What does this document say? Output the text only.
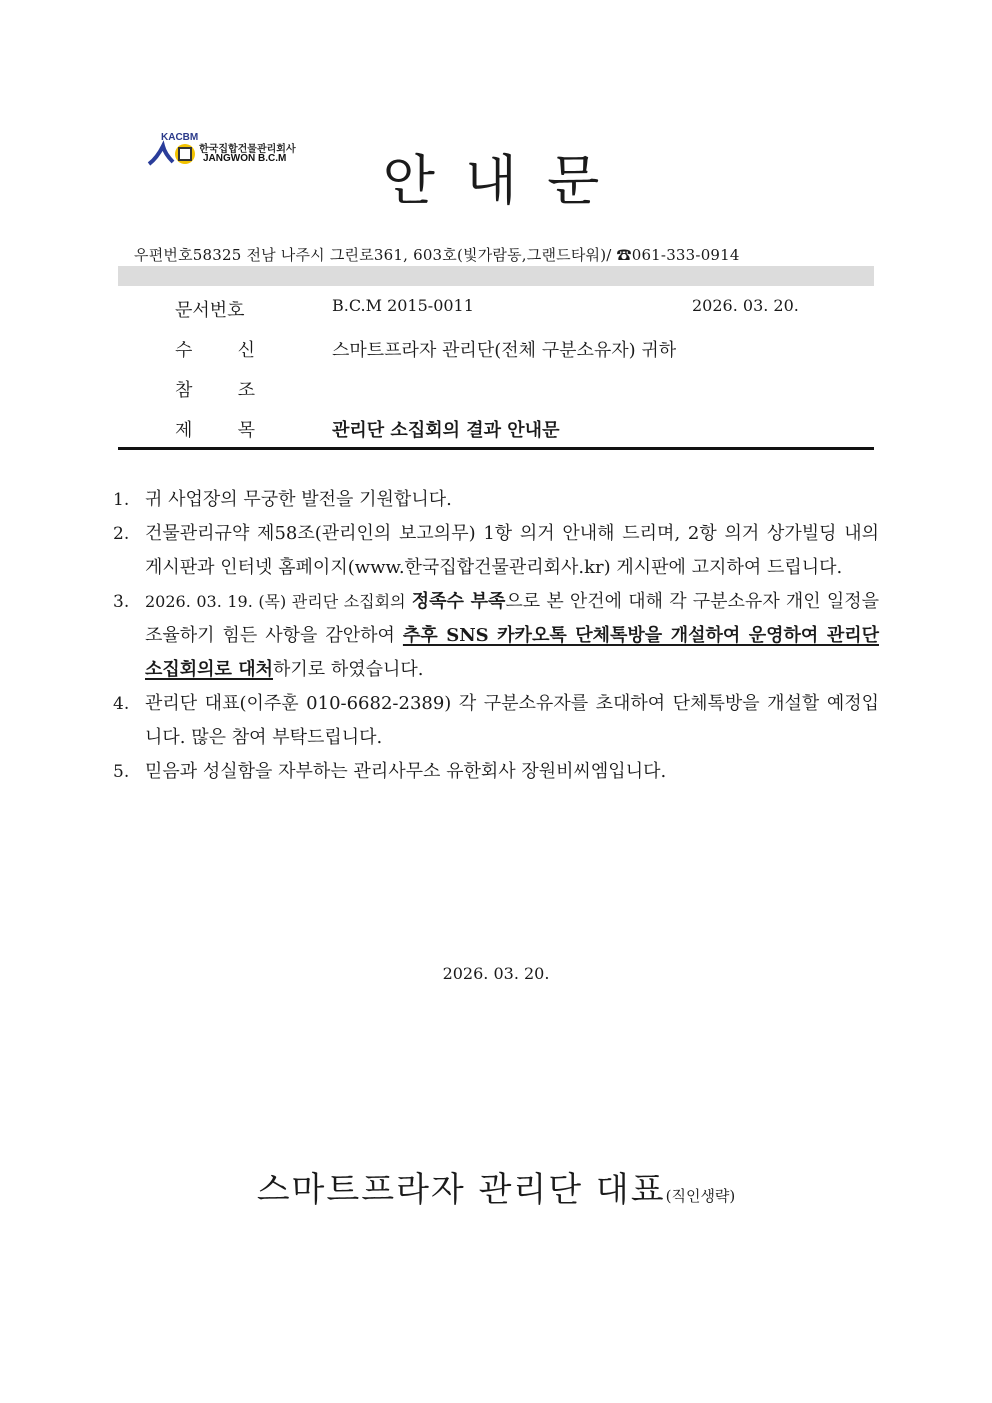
KACBM
한국집합건물관리회사
JANGWON B.C.M	안내문
우편번호58325 전남 나주시 그린로361, 603호(빛가람동,그랜드타워)/ ☎061-333-0914
문서번호	B.C.M 2015-0011	2026. 03. 20.
수 신	스마트프라자 관리단(전체 구분소유자) 귀하
참 조
제 목	관리단 소집회의 결과 안내문
1. 귀 사업장의 무궁한 발전을 기원합니다.
2. 건물관리규약 제58조(관리인의 보고의무) 1항 의거 안내해 드리며, 2항 의거 상가빌딩 내의 게시판과 인터넷 홈페이지(www.한국집합건물관리회사.kr) 게시판에 고지하여 드립니다.
3. 2026. 03. 19. (목) 관리단 소집회의 정족수 부족으로 본 안건에 대해 각 구분소유자 개인 일정을 조율하기 힘든 사항을 감안하여 추후 SNS 카카오톡 단체톡방을 개설하여 운영하여 관리단 소집회의로 대처하기로 하였습니다.
4. 관리단 대표(이주훈 010-6682-2389) 각 구분소유자를 초대하여 단체톡방을 개설할 예정입니다. 많은 참여 부탁드립니다.
5. 믿음과 성실함을 자부하는 관리사무소 유한회사 장원비씨엠입니다.
2026. 03. 20.
스마트프라자 관리단 대표(직인생략)
